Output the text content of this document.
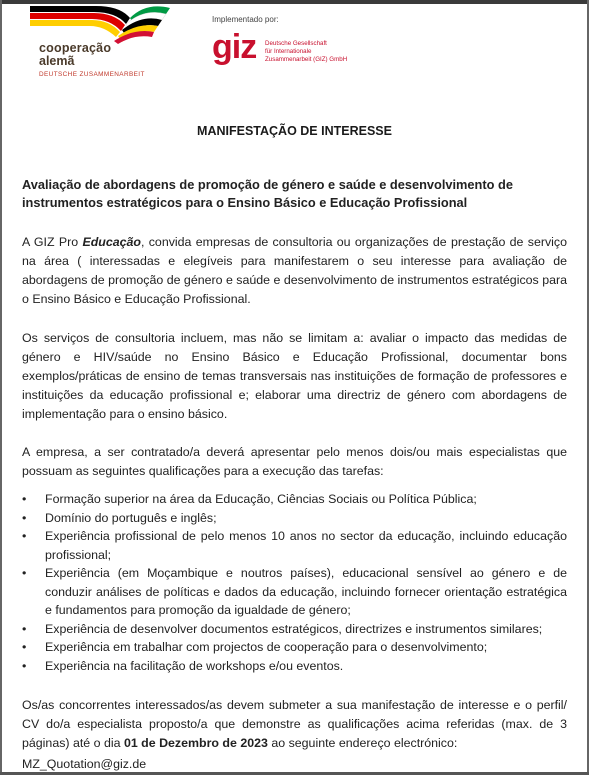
cooperação
alemã
DEUTSCHE ZUSAMMENARBEIT
Implementado por:
giz Deutsche Gesellschaft
für Internationale
Zusammenarbeit (GIZ) GmbH
MANIFESTAÇÃO DE INTERESSE
Avaliação de abordagens de promoção de género e saúde e desenvolvimento de instrumentos estratégicos para o Ensino Básico e Educação Profissional
A GIZ Pro Educação, convida empresas de consultoria ou organizações de prestação de serviço na área ( interessadas e elegíveis para manifestarem o seu interesse para avaliação de abordagens de promoção de género e saúde e desenvolvimento de instrumentos estratégicos para o Ensino Básico e Educação Profissional.
Os serviços de consultoria incluem, mas não se limitam a: avaliar o impacto das medidas de género e HIV/saúde no Ensino Básico e Educação Profissional, documentar bons exemplos/práticas de ensino de temas transversais nas instituições de formação de professores e instituições da educação profissional e; elaborar uma directriz de género com abordagens de implementação para o ensino básico.
A empresa, a ser contratado/a deverá apresentar pelo menos dois/ou mais especialistas que possuam as seguintes qualificações para a execução das tarefas:
• Formação superior na área da Educação, Ciências Sociais ou Política Pública;
• Domínio do português e inglês;
• Experiência profissional de pelo menos 10 anos no sector da educação, incluindo educação profissional;
• Experiência (em Moçambique e noutros países), educacional sensível ao género e de conduzir análises de políticas e dados da educação, incluindo fornecer orientação estratégica e fundamentos para promoção da igualdade de género;
• Experiência de desenvolver documentos estratégicos, directrizes e instrumentos similares;
• Experiência em trabalhar com projectos de cooperação para o desenvolvimento;
• Experiência na facilitação de workshops e/ou eventos.
Os/as concorrentes interessados/as devem submeter a sua manifestação de interesse e o perfil/ CV do/a especialista proposto/a que demonstre as qualificações acima referidas (max. de 3 páginas) até o dia 01 de Dezembro de 2023 ao seguinte endereço electrónico:
MZ_Quotation@giz.de
